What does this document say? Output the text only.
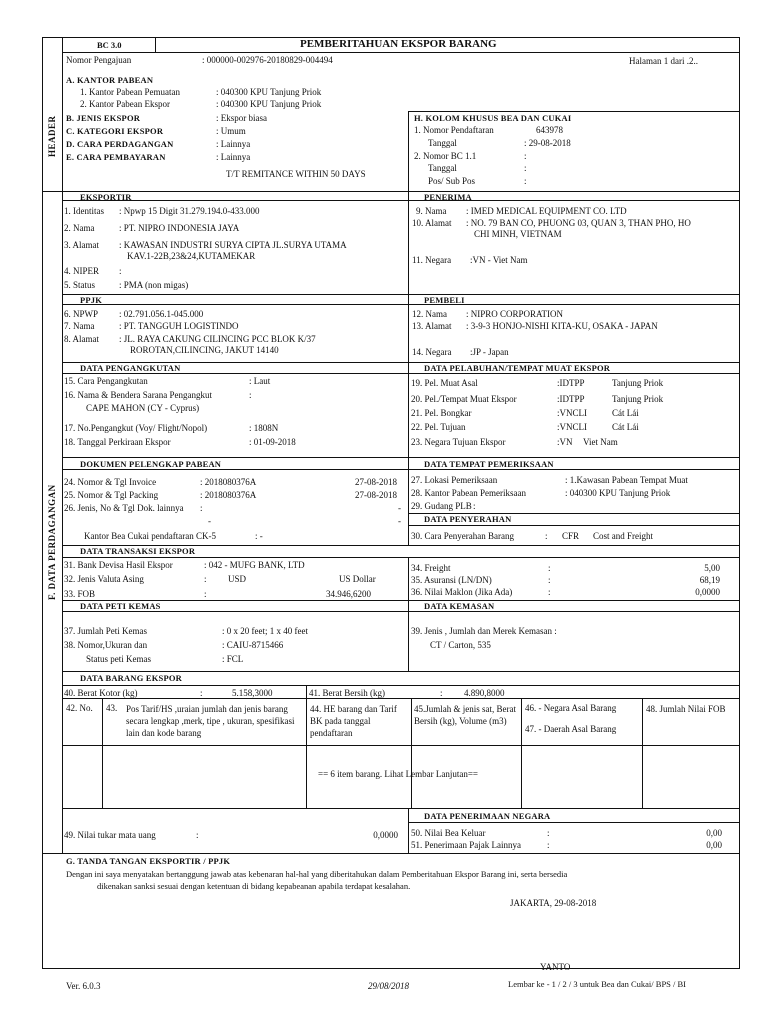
BC 3.0	PEMBERITAHUAN EKSPOR BARANG
Nomor Pengajuan	: 000000-002976-20180829-004494	Halaman 1 dari .2..
HEADER
F. DATA PERDAGANGAN
A. KANTOR PABEAN
1. Kantor Pabean Pemuatan	: 040300 KPU Tanjung Priok
2. Kantor Pabean Ekspor	: 040300 KPU Tanjung Priok
B. JENIS EKSPOR	: Ekspor biasa
C. KATEGORI EKSPOR	: Umum
D. CARA PERDAGANGAN	: Lainnya
E. CARA PEMBAYARAN	: Lainnya
T/T REMITANCE WITHIN 50 DAYS
H. KOLOM KHUSUS BEA DAN CUKAI
1. Nomor Pendaftaran	643978
Tanggal	: 29-08-2018
2. Nomor BC 1.1	:
Tanggal	:
Pos/ Sub Pos	:
EKSPORTIR
1. Identitas : Npwp 15 Digit 31.279.194.0-433.000
2. Nama	: PT. NIPRO INDONESIA JAYA
3. Alamat : KAWASAN INDUSTRI SURYA CIPTA JL.SURYA UTAMA
KAV.1-22B,23&24,KUTAMEKAR
4. NIPER :
5. Status	: PMA (non migas)
PENERIMA
9. Nama : IMED MEDICAL EQUIPMENT CO. LTD
10. Alamat : NO. 79 BAN CO, PHUONG 03, QUAN 3, THAN PHO, HO
CHI MINH, VIETNAM
11. Negara :VN - Viet Nam
PPJK
6. NPWP : 02.791.056.1-045.000
7. Nama	: PT. TANGGUH LOGISTINDO
8. Alamat : JL. RAYA CAKUNG CILINCING PCC BLOK K/37
ROROTAN,CILINCING, JAKUT 14140
PEMBELI
12. Nama : NIPRO CORPORATION
13. Alamat : 3-9-3 HONJO-NISHI KITA-KU, OSAKA - JAPAN
14. Negara :JP - Japan
DATA PENGANGKUTAN
15. Cara Pengangkutan	: Laut
16. Nama & Bendera Sarana Pengangkut	:
CAPE MAHON (CY - Cyprus)
17. No.Pengangkut (Voy/ Flight/Nopol)	: 1808N
18. Tanggal Perkiraan Ekspor	: 01-09-2018
DATA PELABUHAN/TEMPAT MUAT EKSPOR
19. Pel. Muat Asal	:IDTPP	Tanjung Priok
20. Pel./Tempat Muat Ekspor	:IDTPP	Tanjung Priok
21. Pel. Bongkar	:VNCLI	Cát Lái
22. Pel. Tujuan	:VNCLI	Cát Lái
23. Negara Tujuan Ekspor	:VN Viet Nam
DOKUMEN PELENGKAP PABEAN
24. Nomor & Tgl Invoice	: 2018080376A	27-08-2018
25. Nomor & Tgl Packing	: 2018080376A	27-08-2018
26. Jenis, No & Tgl Dok. lainnya :	-
-	-
Kantor Bea Cukai pendaftaran CK-5	: -
DATA TEMPAT PEMERIKSAAN
27. Lokasi Pemeriksaan	: 1.Kawasan Pabean Tempat Muat
28. Kantor Pabean Pemeriksaan	: 040300 KPU Tanjung Priok
29. Gudang PLB :
DATA PENYERAHAN
30. Cara Penyerahan Barang	: CFR Cost and Freight
DATA TRANSAKSI EKSPOR
31. Bank Devisa Hasil Ekspor	: 042 - MUFG BANK, LTD
32. Jenis Valuta Asing	: USD	US Dollar
33. FOB	:	34.946,6200
34. Freight	:	5,00
35. Asuransi (LN/DN)	:	68,19
36. Nilai Maklon (Jika Ada)	:	0,0000
DATA PETI KEMAS
37. Jumlah Peti Kemas	: 0 x 20 feet; 1 x 40 feet
38. Nomor,Ukuran dan	: CAIU-8715466
Status peti Kemas	: FCL
DATA KEMASAN
39. Jenis , Jumlah dan Merek Kemasan :
CT / Carton, 535
DATA BARANG EKSPOR
40. Berat Kotor (kg)	:	5.158,3000	41. Berat Bersih (kg)	: 4.890,8000
42. No. 43. Pos Tarif/HS ,uraian jumlah dan jenis barang secara lengkap ,merk, tipe , ukuran, spesifikasi lain dan kode barang
44. HE barang dan Tarif BK pada tanggal pendaftaran
45.Jumlah & jenis sat, Berat Bersih (kg), Volume (m3)
46. - Negara Asal Barang
47. - Daerah Asal Barang
48. Jumlah Nilai FOB
== 6 item barang. Lihat Lembar Lanjutan==
DATA PENERIMAAN NEGARA
49. Nilai tukar mata uang	:	0,0000 50. Nilai Bea Keluar	:	0,00
51. Penerimaan Pajak Lainnya	:	0,00
G. TANDA TANGAN EKSPORTIR / PPJK
Dengan ini saya menyatakan bertanggung jawab atas kebenaran hal-hal yang diberitahukan dalam Pemberitahuan Ekspor Barang ini, serta bersedia
dikenakan sanksi sesuai dengan ketentuan di bidang kepabeanan apabila terdapat kesalahan.
JAKARTA, 29-08-2018
YANTO
Ver. 6.0.3	29/08/2018	Lembar ke - 1 / 2 / 3 untuk Bea dan Cukai/ BPS / BI
